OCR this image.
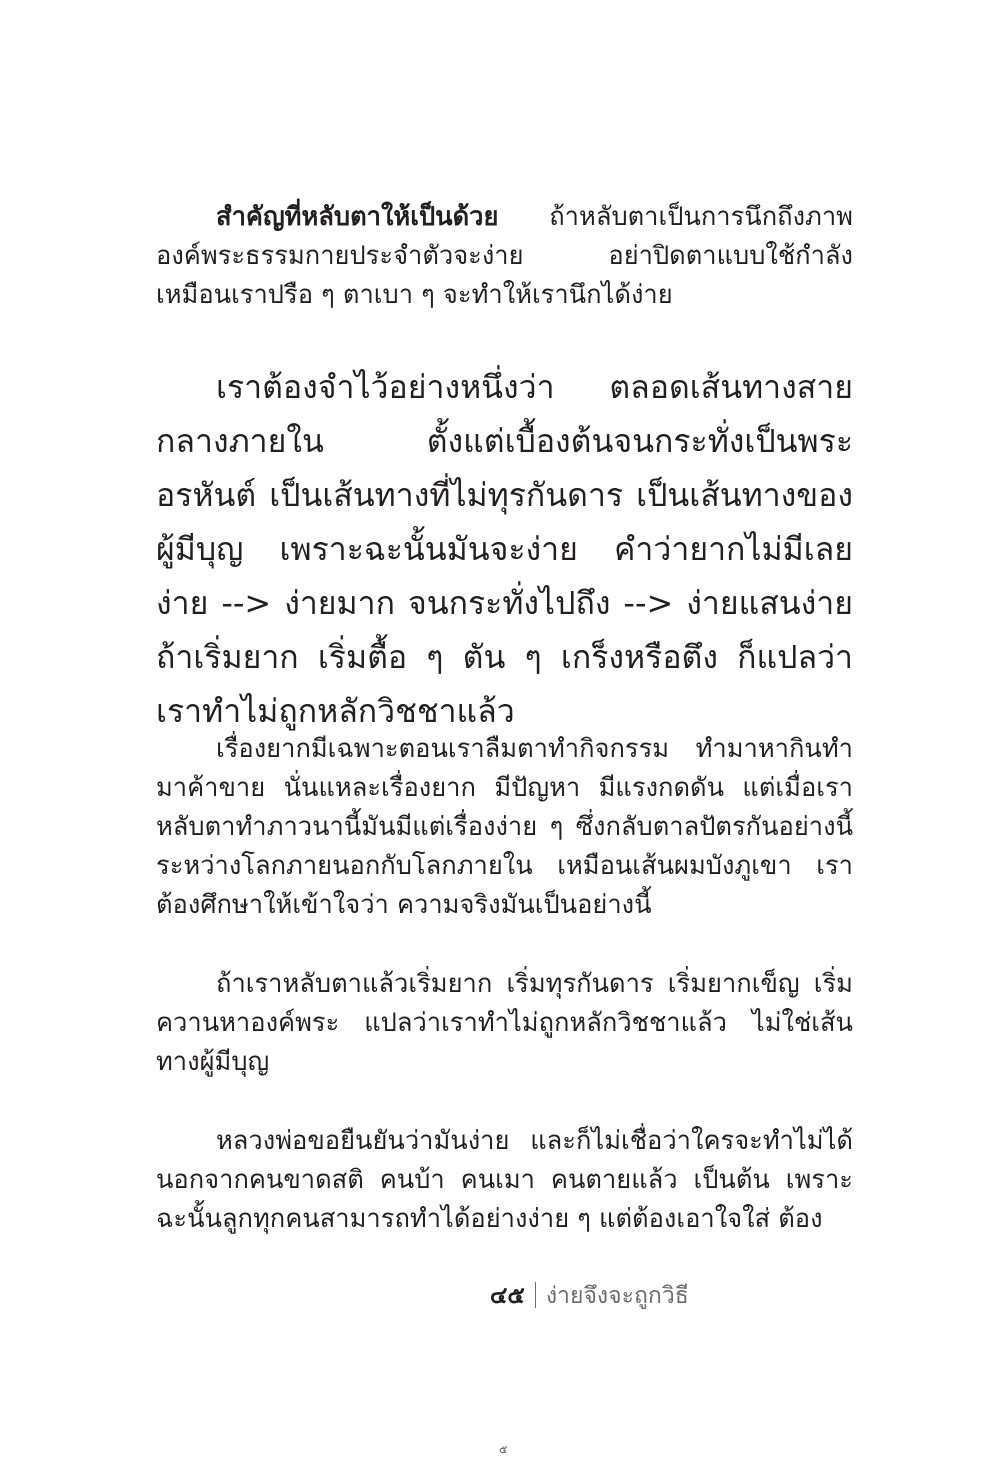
สำคัญที่หลับตาให้เป็นด้วย ถ้าหลับตาเป็นการนึกถึงภาพองค์พระธรรมกายประจำตัวจะง่าย อย่าปิดตาแบบใช้กำลัง เหมือนเราปรือ ๆ ตาเบา ๆ จะทำให้เรานึกได้ง่าย

เราต้องจำไว้อย่างหนึ่งว่า ตลอดเส้นทางสายกลางภายใน ตั้งแต่เบื้องต้นจนกระทั่งเป็นพระอรหันต์ เป็นเส้นทางที่ไม่ทุรกันดาร เป็นเส้นทางของผู้มีบุญ เพราะฉะนั้นมันจะง่าย คำว่ายากไม่มีเลย ง่าย --> ง่ายมาก จนกระทั่งไปถึง --> ง่ายแสนง่าย ถ้าเริ่มยาก เริ่มตื้อ ๆ ตัน ๆ เกร็งหรือตึง ก็แปลว่า เราทำไม่ถูกหลักวิชชาแล้ว

เรื่องยากมีเฉพาะตอนเราลืมตาทำกิจกรรม ทำมาหากินทำมาค้าขาย นั่นแหละเรื่องยาก มีปัญหา มีแรงกดดัน แต่เมื่อเราหลับตาทำภาวนานี้มันมีแต่เรื่องง่าย ๆ ซึ่งกลับตาลปัตรกันอย่างนี้ระหว่างโลกภายนอกกับโลกภายใน เหมือนเส้นผมบังภูเขา เราต้องศึกษาให้เข้าใจว่า ความจริงมันเป็นอย่างนี้

ถ้าเราหลับตาแล้วเริ่มยาก เริ่มทุรกันดาร เริ่มยากเข็ญ เริ่มควานหาองค์พระ แปลว่าเราทำไม่ถูกหลักวิชชาแล้ว ไม่ใช่เส้นทางผู้มีบุญ

หลวงพ่อขอยืนยันว่ามันง่าย และก็ไม่เชื่อว่าใครจะทำไม่ได้ นอกจากคนขาดสติ คนบ้า คนเมา คนตายแล้ว เป็นต้น เพราะฉะนั้นลูกทุกคนสามารถทำได้อย่างง่าย ๆ แต่ต้องเอาใจใส่ ต้อง

๔๕ ง่ายจึงจะถูกวิธี
๕
